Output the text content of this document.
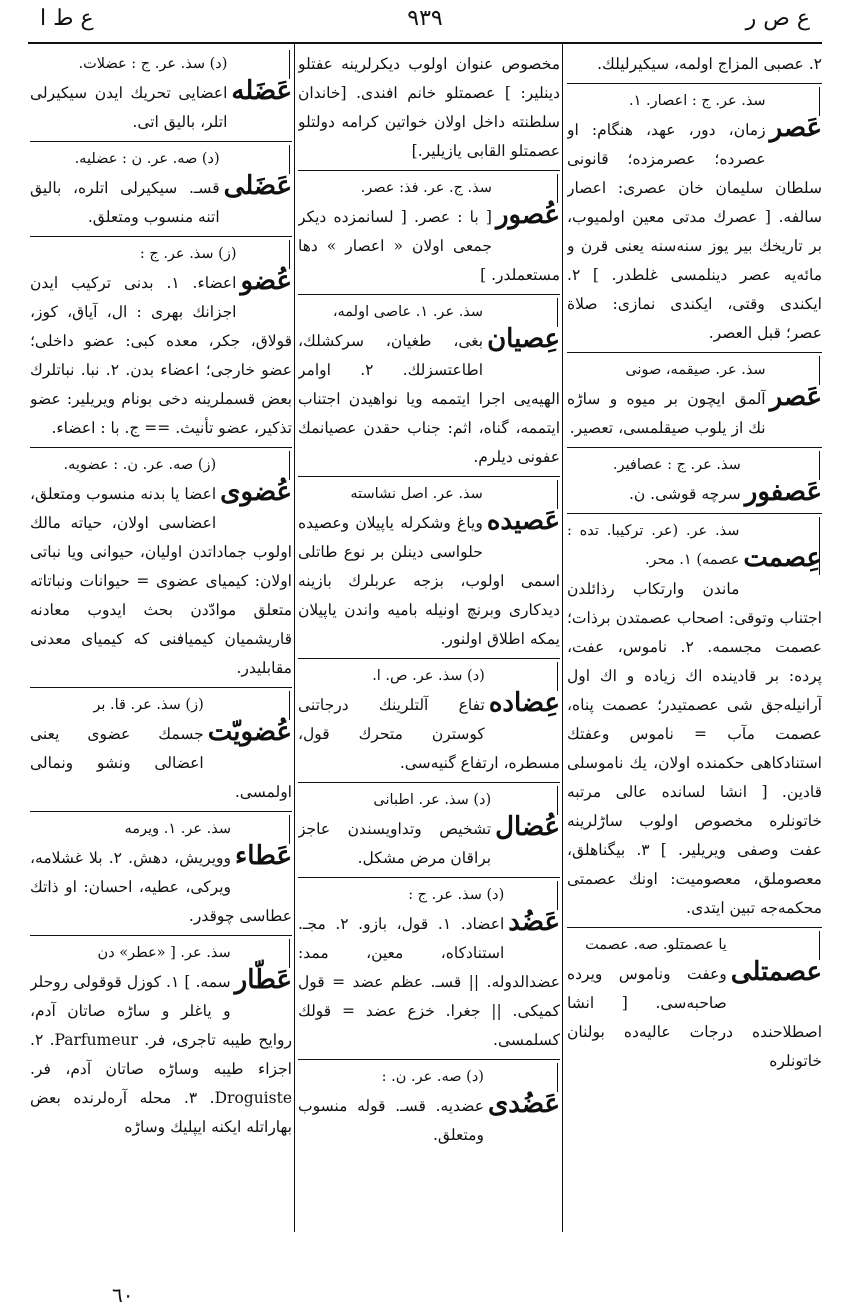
ع ص ر
٩٣٩
ع ط ا
٢. عصبی المزاج اولمه، سیکیرلیلك.
عَصر
سذ. عر. ج : اعصار. ١.
زمان، دور، عهد، هنگام: او عصرده؛ عصرمزده؛ قانونی سلطان سلیمان خان عصری: اعصار سالفه. [ عصرك مدتی معین اولمیوب، بر تاریخك بیر یوز سنه‌سنه یعنی قرن و مائه‌یه عصر دینلمسی غلطدر. ] ٢. ایکندی وقتی، ایکندی نمازی: صلاة عصر؛ قبل العصر.
عَصر
سذ. عر. صیقمه، صونی
آلمق ایچون بر میوه و ساڑه نك از یلوب صیقلمسی، تعصیر.
عَصفور
سذ. عر. ج : عصافیر.
سرچه قوشی. ن.
عِصمت
سذ. عر. (عر. ترکیبا. تده : عصمه) ١. محر.
ماندن وارتکاب رذائلدن اجتناب وتوقی: اصحاب عصمتدن برذات؛ عصمت مجسمه. ٢. ناموس، عفت، پرده: بر قادینده اك زیاده و اك اول آرانیلەجق شی عصمتیدر؛ عصمت پناه، عصمت مآب = ناموس وعفتك استنادکاهی حکمنده اولان، یك ناموسلی قادین. [ انشا لسانده عالی مرتبه خاتونلره مخصوص اولوب ساڑلرینه عفت وصفی ویریلیر. ] ٣. بیگناهلق، معصوملق، معصومیت: اونك عصمتی محکمه‌جه تبین ایتدی.
عصمتلی
یا عصمتلو. صه. عصمت
وعفت وناموس ویرده صاحبه‌سی. [ انشا اصطلاحنده درجات عالیه‌ده بولنان خاتونلره
مخصوص عنوان اولوب دیکرلرینه عفتلو دینلیر: ] عصمتلو خانم افندی. [خاندان سلطنته داخل اولان خواتین کرامه دولتلو عصمتلو القابی یازیلیر.]
عُصور
سذ. ج. عر. فذ: عصر.
[ با : عصر. [ لسانمزده دیکر جمعی اولان « اعصار » دها مستعملدر. ]
عِصیان
سذ. عر. ١. عاصی اولمه،
بغی، طغیان، سرکشلك، اطاعتسزلك. ٢. اوامر الهیه‌یی اجرا ایتممه ویا نواهیدن اجتناب ایتممه، گناه، اثم: جناب حقدن عصیانمك عفونی دیلرم.
عَصیده
سذ. عر. اصل نشاسته
وياغ وشکرله یاپیلان وعصیده حلواسی دینلن بر نوع طاتلی اسمی اولوب، بزجه عربلرك بازینه دیدکاری وبرنچ اونیله بامیه واندن یاپیلان یمکه اطلاق اولنور.
عِضاده
(د) سذ. عر. ص. ا.
تفاع آلتلرینك درجاتنی کوسترن متحرك قول، مسطره، ارتفاع گنیه‌سی.
عُضال
(د) سذ. عر. اطبانی
تشخیص وتداویسندن عاجز براقان مرض مشکل.
عَضُد
(د) سذ. عر. ج :
اعضاد. ١. قول، بازو. ٢. مجـ. استنادکاه، معین، ممد: عضدالدوله. || قسـ. عظم عضد = قول کمیکی. || جغرا. خزع عضد = قولك کسلمسی.
عَضُدی
(د) صه. عر. ن. :
عضدیه. قسـ. قوله منسوب ومتعلق.
عَضَلە
(د) سذ. عر. ج : عضلات.
اعضایی تحریك ایدن سیکیرلی اتلر، بالیق اتی.
عَضَلی
(د) صه. عر. ن : عضلیه.
قسـ. سیکیرلی اتلره، بالیق اتنه منسوب ومتعلق.
عُضو
(ز) سذ. عر. ج :
اعضاء. ١. بدنی ترکیب ایدن اجزانك بهری : ال، آیاق، کوز، قولاق، جکر، معده کبی: عضو داخلی؛ عضو خارجی؛ اعضاء بدن. ٢. نبا. نباتلرك بعض قسملرینه دخی بونام ویریلیر: عضو تذکیر، عضو تأنیث. == ج. با : اعضاء.
عُضوی
(ز) صه. عر. ن. : عضویه.
اعضا یا بدنه منسوب ومتعلق، اعضاسی اولان، حیاته مالك اولوب جماداتدن اولیان، حیوانی ویا نباتی اولان: کیمیای عضوی = حیوانات ونباتاته متعلق موادّدن بحث ایدوب معادنه قاریشمیان کیمیافنی که کیمیای معدنی مقابلیدر.
عُضویّت
(ز) سذ. عر. قا. بر
جسمك عضوی یعنی اعضالی ونشو ونمالی اولمسی.
عَطاء
سذ. عر. ١. ویرمه
وویریش، دهش. ٢. بلا غشلامه، ویرکی، عطیه، احسان: او ذاتك عطاسی چوقدر.
عَطّار
سذ. عر. [ «عطر» دن
سمه. ] ١. کوزل قوقولی روحلر و یاغلر و ساڑه صاتان آدم، روایح طیبه تاجری، فر. Parfumeur. ٢. اجزاء طیبه وساڑه صاتان آدم، فر. Droguiste. ٣. محله آره‌لرنده بعض بهاراتله ایکنه ایپلیك وساڑه
٦٠
